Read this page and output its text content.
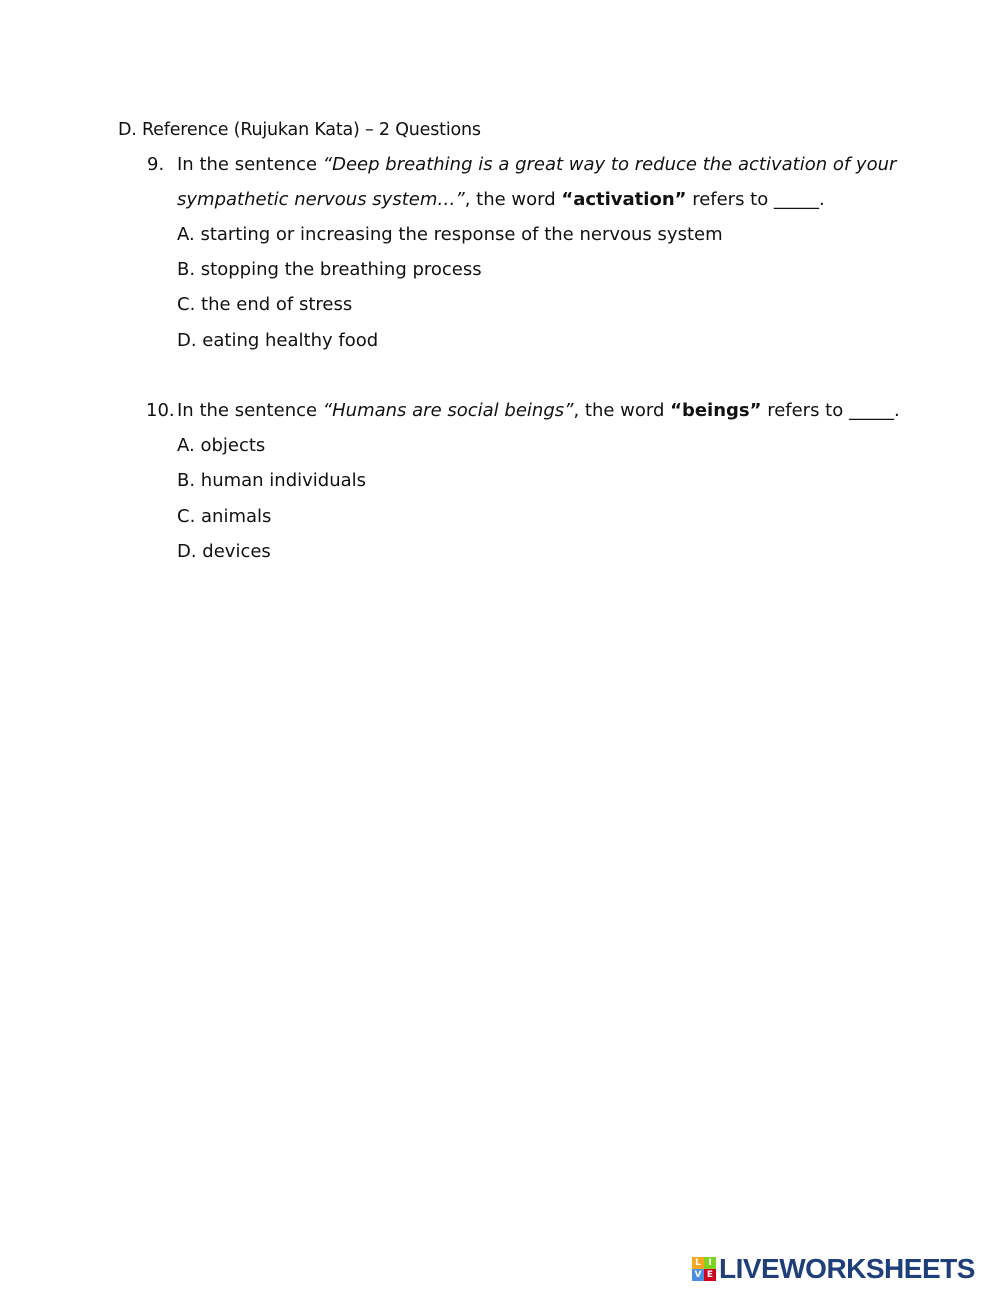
D. Reference (Rujukan Kata) – 2 Questions
9. In the sentence “Deep breathing is a great way to reduce the activation of your
sympathetic nervous system…”, the word “activation” refers to _____.
A. starting or increasing the response of the nervous system
B. stopping the breathing process
C. the end of stress
D. eating healthy food
10. In the sentence “Humans are social beings”, the word “beings” refers to _____.
A. objects
B. human individuals
C. animals
D. devices
L I
V E LIVEWORKSHEETS
